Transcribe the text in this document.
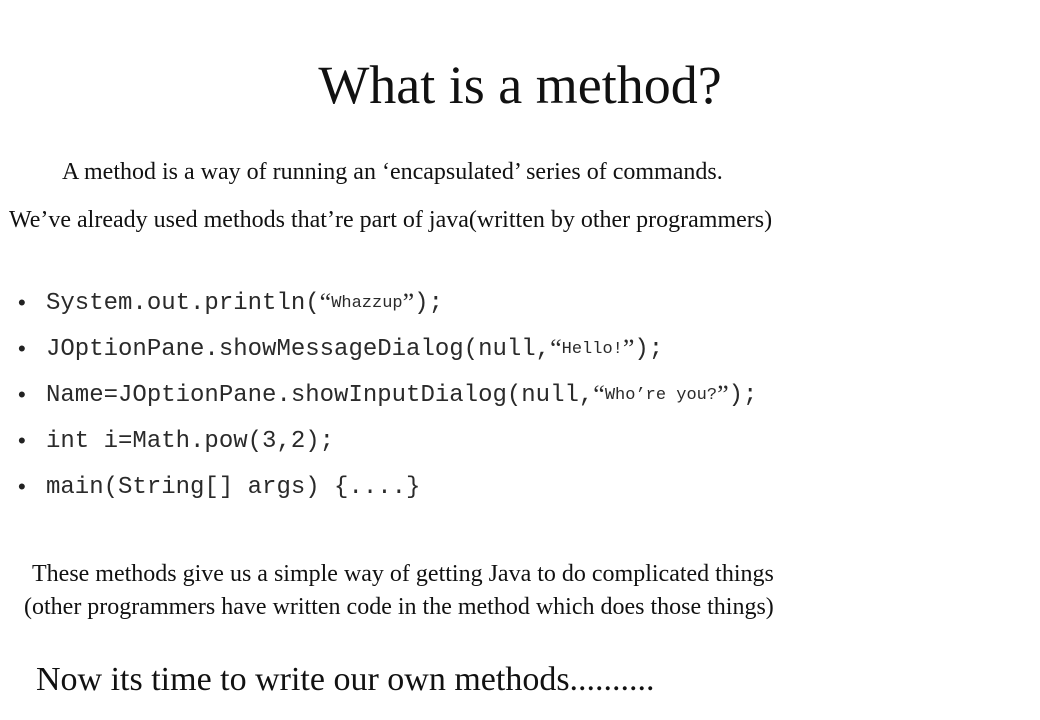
What is a method?
A method is a way of running an ‘encapsulated’ series of commands.
We’ve already used methods that’re part of java(written by other programmers)
• System.out.println( “ Whazzup ” );
• JOptionPane.showMessageDialog(null, “ Hello! ” );
• Name=JOptionPane.showInputDialog(null, “ Who’re you? ” );
• int i=Math.pow(3,2);
• main(String[] args) {....}
These methods give us a simple way of getting Java to do complicated things
(other programmers have written code in the method which does those things)
Now its time to write our own methods..........
